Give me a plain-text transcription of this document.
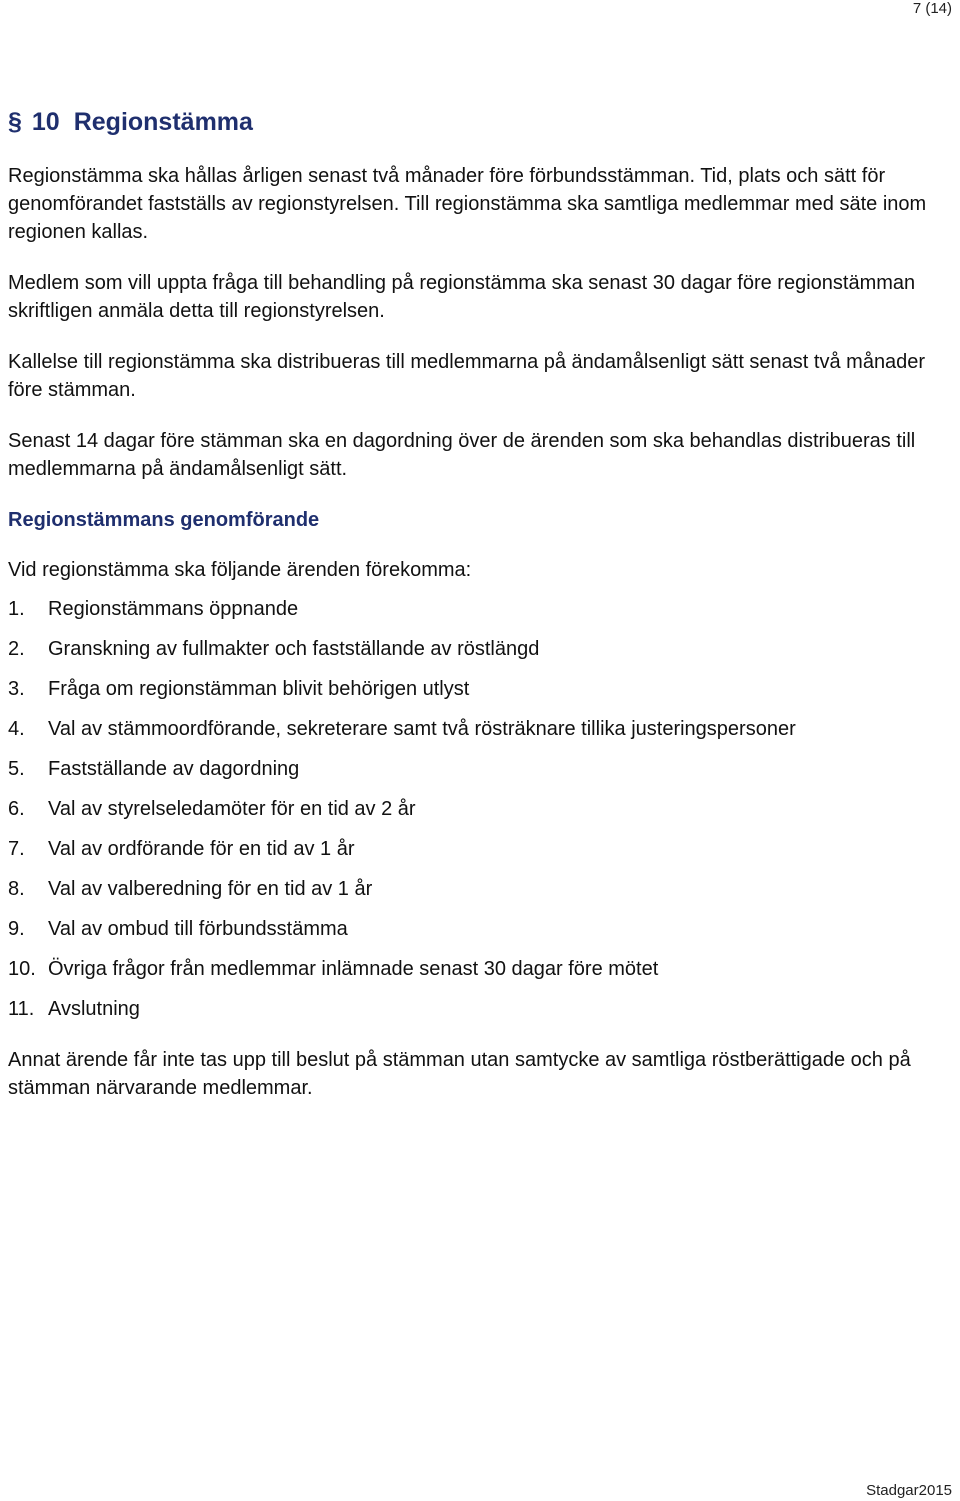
7 (14)
§ 10 Regionstämma

Regionstämma ska hållas årligen senast två månader före förbundsstämman. Tid, plats och sätt för genomförandet fastställs av regionstyrelsen. Till regionstämma ska samtliga medlemmar med säte inom regionen kallas.

Medlem som vill uppta fråga till behandling på regionstämma ska senast 30 dagar före regionstämman skriftligen anmäla detta till regionstyrelsen.

Kallelse till regionstämma ska distribueras till medlemmarna på ändamålsenligt sätt senast två månader före stämman.

Senast 14 dagar före stämman ska en dagordning över de ärenden som ska behandlas distribueras till medlemmarna på ändamålsenligt sätt.

Regionstämmans genomförande

Vid regionstämma ska följande ärenden förekomma:

1.	Regionstämmans öppnande
2.	Granskning av fullmakter och fastställande av röstlängd
3.	Fråga om regionstämman blivit behörigen utlyst
4.	Val av stämmoordförande, sekreterare samt två rösträknare tillika justeringspersoner
5.	Fastställande av dagordning
6.	Val av styrelseledamöter för en tid av 2 år
7.	Val av ordförande för en tid av 1 år
8.	Val av valberedning för en tid av 1 år
9.	Val av ombud till förbundsstämma
10. Övriga frågor från medlemmar inlämnade senast 30 dagar före mötet
11. Avslutning

Annat ärende får inte tas upp till beslut på stämman utan samtycke av samtliga röstberättigade och på stämman närvarande medlemmar.

Stadgar2015
